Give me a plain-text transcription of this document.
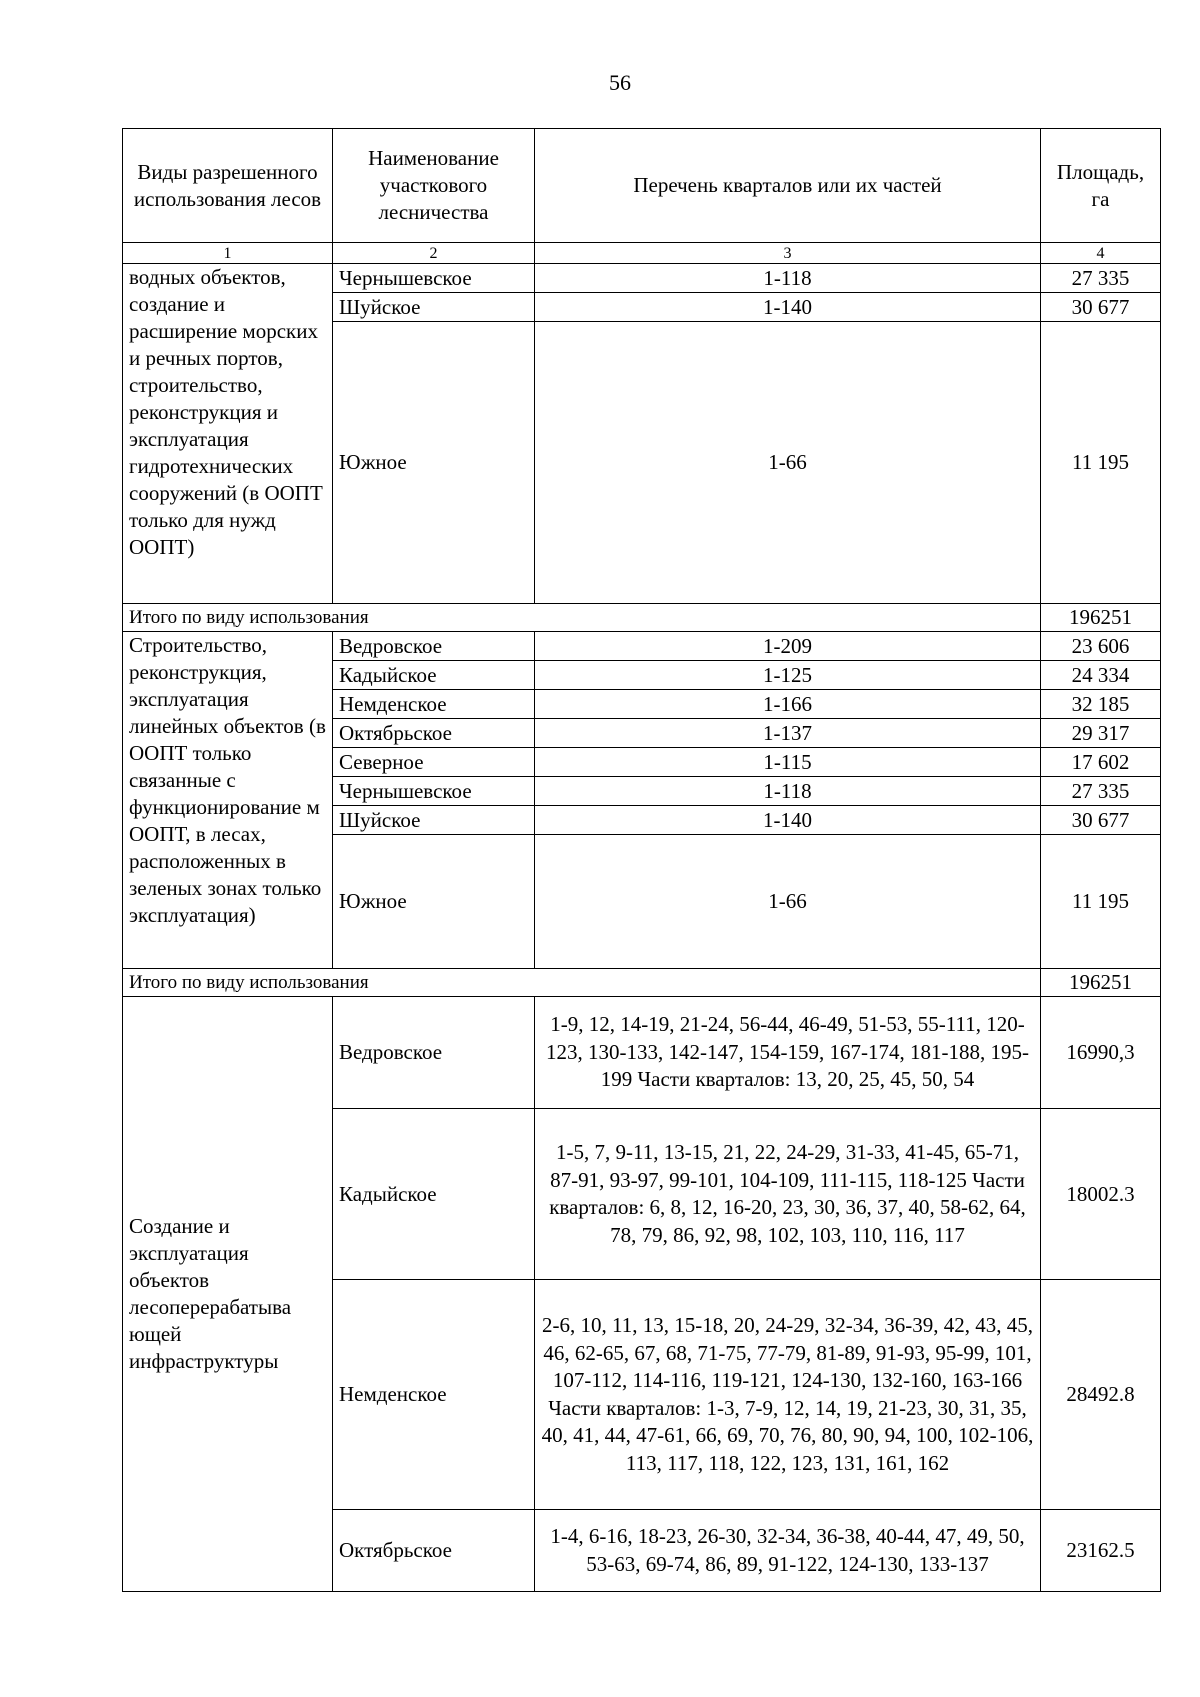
56
Виды разрешенного использования лесов	Наименование участкового лесничества	Перечень кварталов или их частей	Площадь, га
1	2	3	4
водных объектов, создание и расширение морских и речных портов, строительство, реконструкция и эксплуатация гидротехнических сооружений (в ООПТ только для нужд ООПТ)	Чернышевское	1-118	27 335
	Шуйское	1-140	30 677
	Южное	1-66	11 195
Итого по виду использования			196251
Строительство, реконструкция, эксплуатация линейных объектов (в ООПТ только связанные с функционирование м ООПТ, в лесах, расположенных в зеленых зонах только эксплуатация)	Ведровское	1-209	23 606
	Кадыйское	1-125	24 334
	Немденское	1-166	32 185
	Октябрьское	1-137	29 317
	Северное	1-115	17 602
	Чернышевское	1-118	27 335
	Шуйское	1-140	30 677
	Южное	1-66	11 195
Итого по виду использования			196251
Создание и эксплуатация объектов лесоперерабатыва ющей инфраструктуры	Ведровское	1-9, 12, 14-19, 21-24, 56-44, 46-49, 51-53, 55-111, 120-123, 130-133, 142-147, 154-159, 167-174, 181-188, 195-199 Части кварталов: 13, 20, 25, 45, 50, 54	16990,3
	Кадыйское	1-5, 7, 9-11, 13-15, 21, 22, 24-29, 31-33, 41-45, 65-71, 87-91, 93-97, 99-101, 104-109, 111-115, 118-125 Части кварталов: 6, 8, 12, 16-20, 23, 30, 36, 37, 40, 58-62, 64, 78, 79, 86, 92, 98, 102, 103, 110, 116, 117	18002.3
	Немденское	2-6, 10, 11, 13, 15-18, 20, 24-29, 32-34, 36-39, 42, 43, 45, 46, 62-65, 67, 68, 71-75, 77-79, 81-89, 91-93, 95-99, 101, 107-112, 114-116, 119-121, 124-130, 132-160, 163-166 Части кварталов: 1-3, 7-9, 12, 14, 19, 21-23, 30, 31, 35, 40, 41, 44, 47-61, 66, 69, 70, 76, 80, 90, 94, 100, 102-106, 113, 117, 118, 122, 123, 131, 161, 162	28492.8
	Октябрьское	1-4, 6-16, 18-23, 26-30, 32-34, 36-38, 40-44, 47, 49, 50, 53-63, 69-74, 86, 89, 91-122, 124-130, 133-137	23162.5
